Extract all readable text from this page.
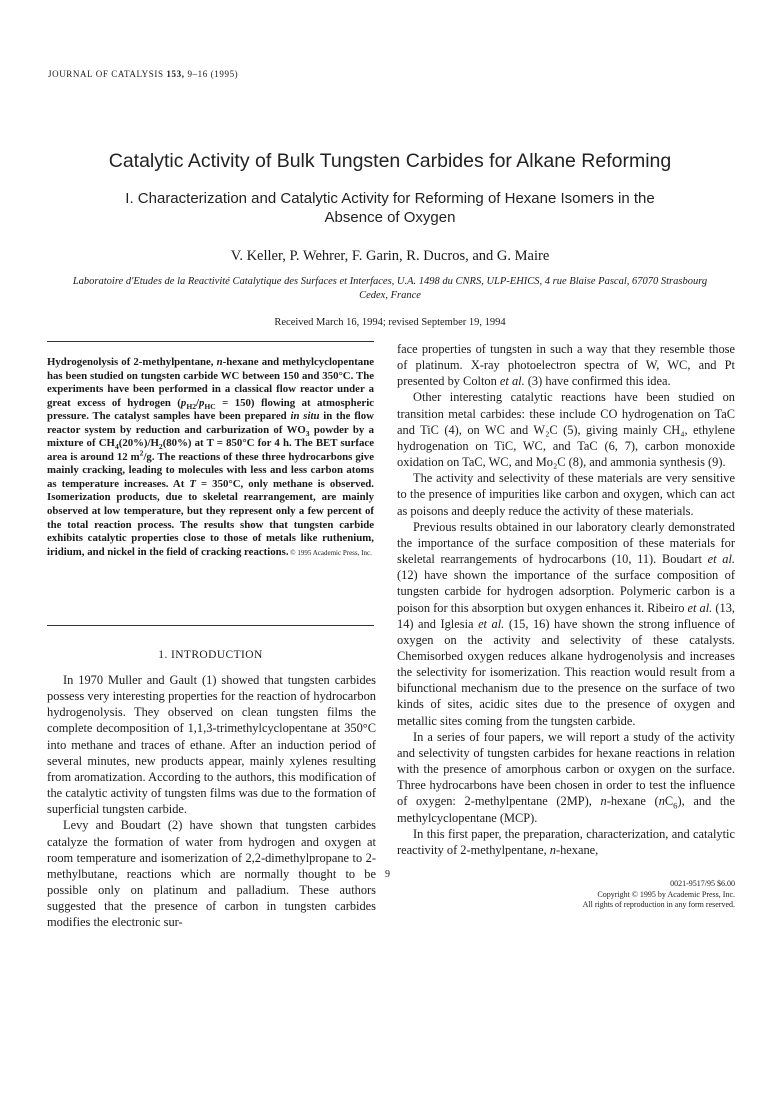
JOURNAL OF CATALYSIS 153, 9–16 (1995)
Catalytic Activity of Bulk Tungsten Carbides for Alkane Reforming
I. Characterization and Catalytic Activity for Reforming of Hexane Isomers in the Absence of Oxygen
V. Keller, P. Wehrer, F. Garin, R. Ducros, and G. Maire
Laboratoire d'Etudes de la Reactivité Catalytique des Surfaces et Interfaces, U.A. 1498 du CNRS, ULP-EHICS, 4 rue Blaise Pascal, 67070 Strasbourg Cedex, France
Received March 16, 1994; revised September 19, 1994
Hydrogenolysis of 2-methylpentane, n-hexane and methylcyclopentane has been studied on tungsten carbide WC between 150 and 350°C. The experiments have been performed in a classical flow reactor under a great excess of hydrogen $(p_{H2}/p_{HC} = 150)$ flowing at atmospheric pressure. The catalyst samples have been prepared in situ in the flow reactor system by reduction and carburization of $WO_3$ powder by a mixture of $CH_4(20\%)/H_2(80\%)$ at T = 850°C for 4 h. The BET surface area is around 12 $m^2/g$. The reactions of these three hydrocarbons give mainly cracking, leading to molecules with less and less carbon atoms as temperature increases. At T = 350°C, only methane is observed. Isomerization products, due to skeletal rearrangement, are mainly observed at low temperature, but they represent only a few percent of the total reaction process. The results show that tungsten carbide exhibits catalytic properties close to those of metals like ruthenium, iridium, and nickel in the field of cracking reactions. © 1995 Academic Press, Inc.
1. INTRODUCTION

In 1970 Muller and Gault (1) showed that tungsten carbides possess very interesting properties for the reaction of hydrocarbon hydrogenolysis. They observed on clean tungsten films the complete decomposition of 1,1,3-trimethylcyclopentane at 350°C into methane and traces of ethane. After an induction period of several minutes, new products appear, mainly xylenes resulting from aromatization. According to the authors, this modification of the catalytic activity of tungsten films was due to the formation of superficial tungsten carbide.

Levy and Boudart (2) have shown that tungsten carbides catalyze the formation of water from hydrogen and oxygen at room temperature and isomerization of 2,2-dimethylpropane to 2-methylbutane, reactions which are normally thought to be possible only on platinum and palladium. These authors suggested that the presence of carbon in tungsten carbides modifies the electronic sur-

face properties of tungsten in such a way that they resemble those of platinum. X-ray photoelectron spectra of W, WC, and Pt presented by Colton et al. (3) have confirmed this idea.

Other interesting catalytic reactions have been studied on transition metal carbides: these include CO hydrogenation on TaC and TiC (4), on WC and W₂C (5), giving mainly CH₄, ethylene hydrogenation on TiC, WC, and TaC (6, 7), carbon monoxide oxidation on TaC, WC, and Mo₂C (8), and ammonia synthesis (9).

The activity and selectivity of these materials are very sensitive to the presence of impurities like carbon and oxygen, which can act as poisons and deeply reduce the activity of these materials.

Previous results obtained in our laboratory clearly demonstrated the importance of the surface composition of these materials for skeletal rearrangements of hydrocarbons (10, 11). Boudart et al. (12) have shown the importance of the surface composition of tungsten carbide for hydrogen adsorption. Polymeric carbon is a poison for this absorption but oxygen enhances it. Ribeiro et al. (13, 14) and Iglesia et al. (15, 16) have shown the strong influence of oxygen on the activity and selectivity of these catalysts. Chemisorbed oxygen reduces alkane hydrogenolysis and increases the selectivity for isomerization. This reaction would result from a bifunctional mechanism due to the presence on the surface of two kinds of sites, acidic sites due to the presence of oxygen and metallic sites coming from the tungsten carbide.

In a series of four papers, we will report a study of the activity and selectivity of tungsten carbides for hexane reactions in relation with the presence of amorphous carbon or oxygen on the surface. Three hydrocarbons have been chosen in order to test the influence of oxygen: 2-methylpentane (2MP), n-hexane $(nC_6)$, and the methylcyclopentane (MCP).

In this first paper, the preparation, characterization, and catalytic reactivity of 2-methylpentane, n-hexane,

9
0021-9517/95 $6.00
Copyright © 1995 by Academic Press, Inc.
All rights of reproduction in any form reserved.
